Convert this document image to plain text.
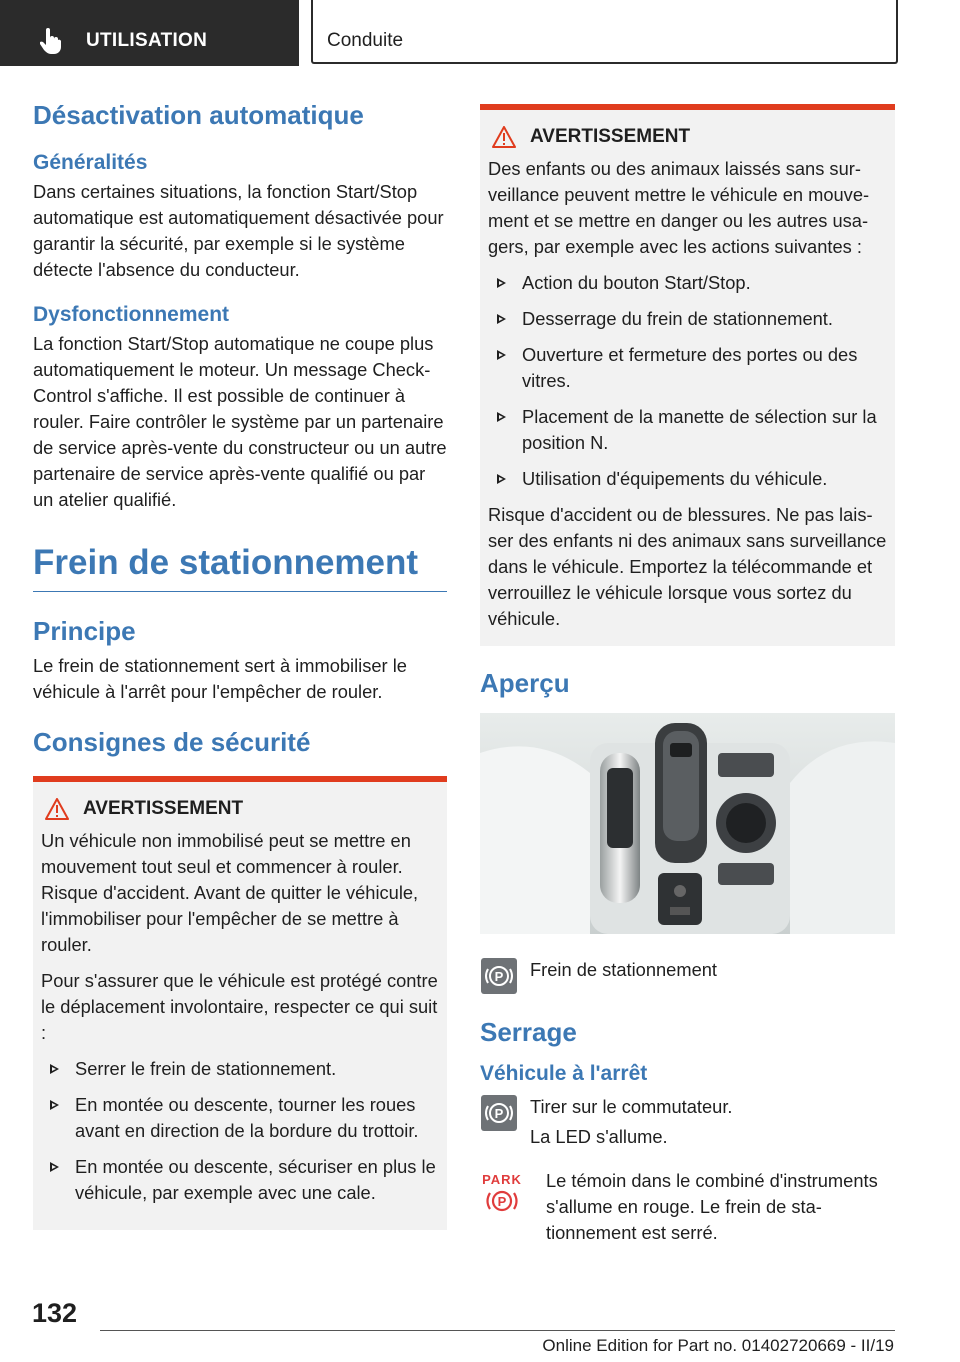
UTILISATION	Conduite
Désactivation automatique
Généralités

Dans certaines situations, la fonction Start/Stop automatique est automatiquement désactivée pour garantir la sécurité, par exemple si le système détecte l'absence du conducteur.

Dysfonctionnement

La fonction Start/Stop automatique ne coupe plus automatiquement le moteur. Un message Check-Control s'affiche. Il est possible de continuer à rouler. Faire contrôler le système par un partenaire de service après-vente du constructeur ou un autre partenaire de service après-vente qualifié ou par un atelier qualifié.

Frein de stationnement
Principe

Le frein de stationnement sert à immobiliser le véhicule à l'arrêt pour l'empêcher de rouler.

Consignes de sécurité
AVERTISSEMENT

Un véhicule non immobilisé peut se mettre en mouvement tout seul et commencer à rouler. Risque d'accident. Avant de quitter le véhicule, l'immobiliser pour l'empêcher de se mettre à rouler.

Pour s'assurer que le véhicule est protégé contre le déplacement involontaire, respecter ce qui suit :

Serrer le frein de stationnement.
En montée ou descente, tourner les roues avant en direction de la bordure du trottoir.
En montée ou descente, sécuriser en plus le véhicule, par exemple avec une cale.
AVERTISSEMENT

Des enfants ou des animaux laissés sans surveillance peuvent mettre le véhicule en mouvement et se mettre en danger ou les autres usagers, par exemple avec les actions suivantes :

Action du bouton Start/Stop.
Desserrage du frein de stationnement.
Ouverture et fermeture des portes ou des vitres.
Placement de la manette de sélection sur la position N.
Utilisation d'équipements du véhicule.

Risque d'accident ou de blessures. Ne pas laisser des enfants ni des animaux sans surveillance dans le véhicule. Emportez la télécommande et verrouillez le véhicule lorsque vous sortez du véhicule.

Aperçu
P Frein de stationnement

Serrage
Véhicule à l'arrêt
P Tirer sur le commutateur.

La LED s'allume.

PARK
P

Le témoin dans le combiné d'instruments s'allume en rouge. Le frein de stationnement est serré.

132
Online Edition for Part no. 01402720669 - II/19
